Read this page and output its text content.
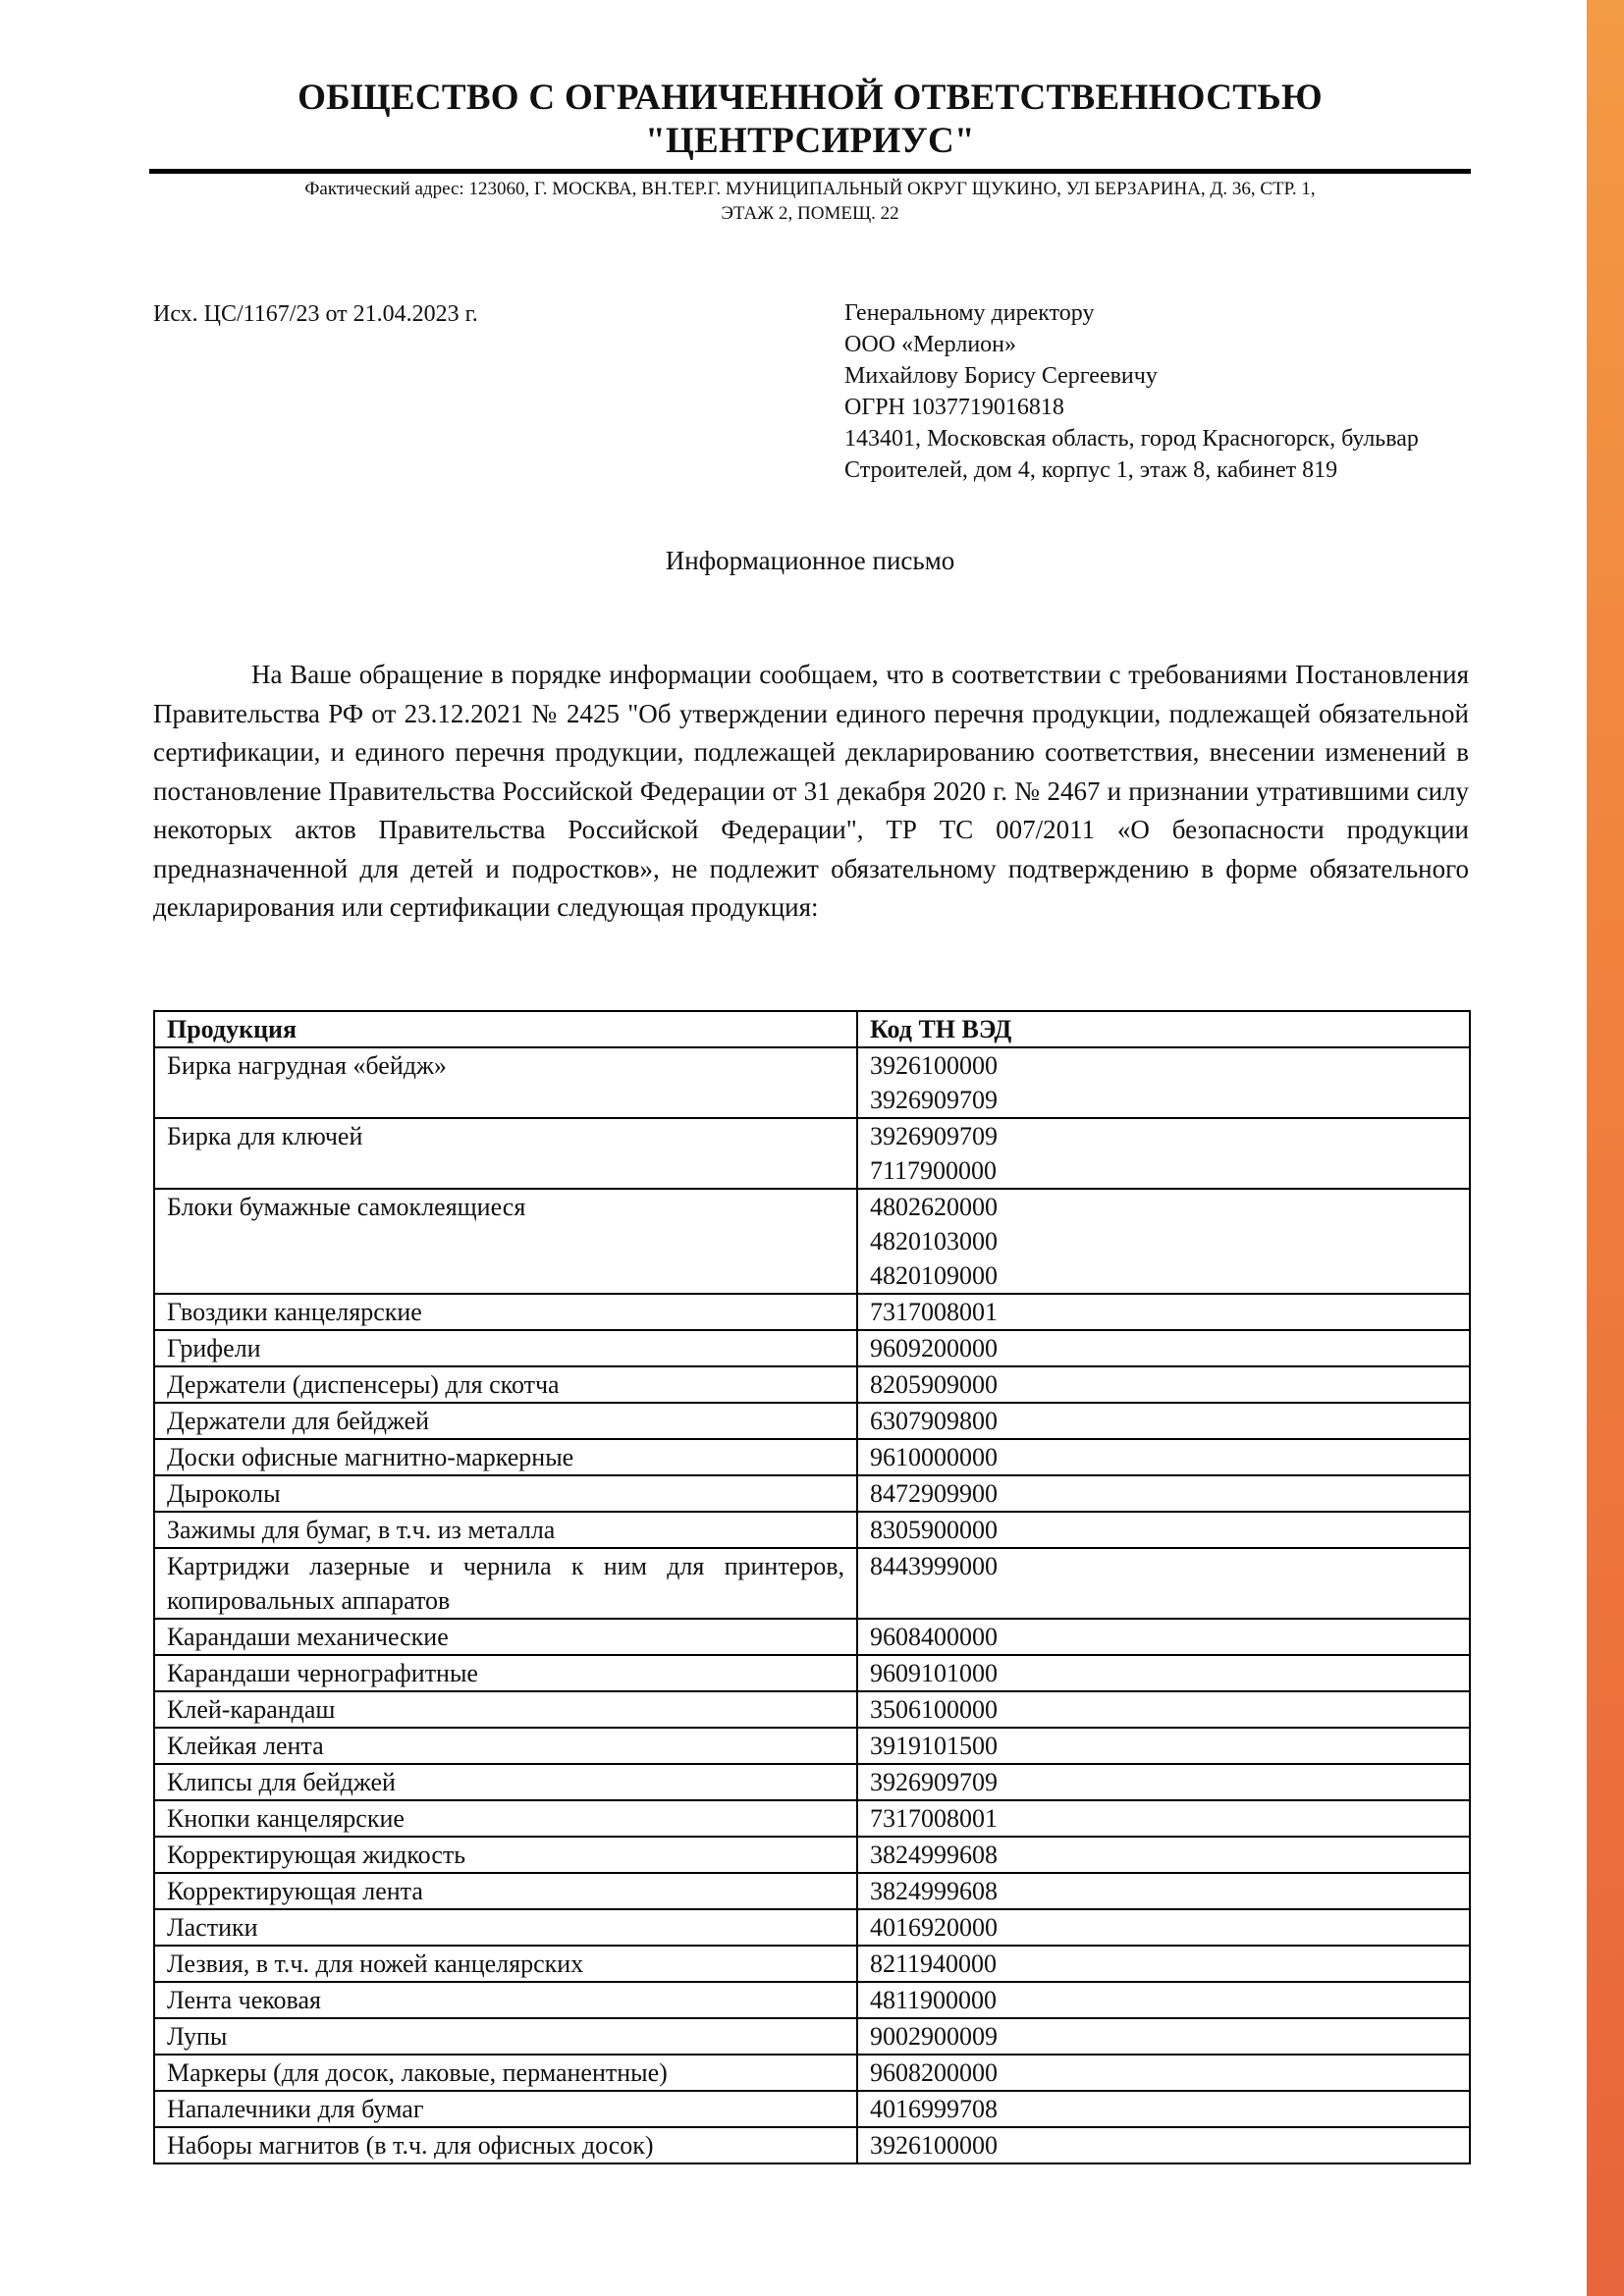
ОБЩЕСТВО С ОГРАНИЧЕННОЙ ОТВЕТСТВЕННОСТЬЮ
"ЦЕНТРСИРИУС"
Фактический адрес: 123060, Г. МОСКВА, ВН.ТЕР.Г. МУНИЦИПАЛЬНЫЙ ОКРУГ ЩУКИНО, УЛ БЕРЗАРИНА, Д. 36, СТР. 1,
ЭТАЖ 2, ПОМЕЩ. 22
Исх. ЦС/1167/23 от 21.04.2023 г.	Генеральному директору
ООО «Мерлион»
Михайлову Борису Сергеевичу
ОГРН 1037719016818
143401, Московская область, город Красногорск, бульвар
Строителей, дом 4, корпус 1, этаж 8, кабинет 819
Информационное письмо
На Ваше обращение в порядке информации сообщаем, что в соответствии с требованиями Постановления Правительства РФ от 23.12.2021 № 2425 "Об утверждении единого перечня продукции, подлежащей обязательной сертификации, и единого перечня продукции, подлежащей декларированию соответствия, внесении изменений в постановление Правительства Российской Федерации от 31 декабря 2020 г. № 2467 и признании утратившими силу некоторых актов Правительства Российской Федерации", ТР ТС 007/2011 «О безопасности продукции предназначенной для детей и подростков», не подлежит обязательному подтверждению в форме обязательного декларирования или сертификации следующая продукция:
Продукция	Код ТН ВЭД
Бирка нагрудная «бейдж»	3926100000
3926909709

Бирка для ключей	3926909709
7117900000

Блоки бумажные самоклеящиеся	4802620000
4820103000
4820109000

Гвоздики канцелярские	7317008001

Грифели	9609200000

Держатели (диспенсеры) для скотча	8205909000

Держатели для бейджей	6307909800

Доски офисные магнитно-маркерные	9610000000

Дыроколы	8472909900

Зажимы для бумаг, в т.ч. из металла	8305900000

Картриджи лазерные и чернила к ним для принтеров, копировальных аппаратов	8443999000

Карандаши механические	9608400000

Карандаши чернографитные	9609101000

Клей-карандаш	3506100000

Клейкая лента	3919101500

Клипсы для бейджей	3926909709

Кнопки канцелярские	7317008001

Корректирующая жидкость	3824999608

Корректирующая лента	3824999608

Ластики	4016920000

Лезвия, в т.ч. для ножей канцелярских	8211940000

Лента чековая	4811900000

Лупы	9002900009

Маркеры (для досок, лаковые, перманентные)	9608200000

Напалечники для бумаг	4016999708

Наборы магнитов (в т.ч. для офисных досок)	3926100000
